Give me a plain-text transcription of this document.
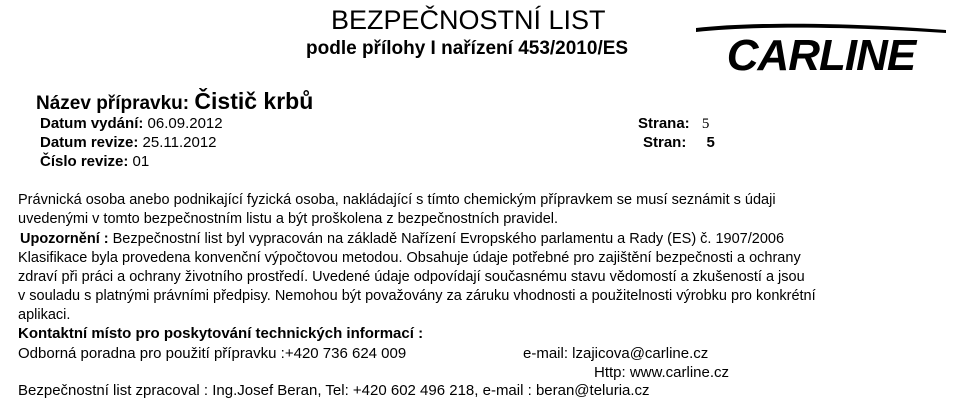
BEZPEČNOSTNÍ LIST
podle přílohy I nařízení 453/2010/ES CARLINE
Název přípravku: Čistič krbů
Datum vydání: 06.09.2012
Datum revize: 25.11.2012
Číslo revize: 01
Strana: 5
Stran: 5
Právnická osoba anebo podnikající fyzická osoba, nakládající s tímto chemickým přípravkem se musí seznámit s údaji
uvedenými v tomto bezpečnostním listu a být proškolena z bezpečnostních pravidel.
Upozornění : Bezpečnostní list byl vypracován na základě Nařízení Evropského parlamentu a Rady (ES) č. 1907/2006
Klasifikace byla provedena konvenční výpočtovou metodou. Obsahuje údaje potřebné pro zajištění bezpečnosti a ochrany
zdraví při práci a ochrany životního prostředí. Uvedené údaje odpovídají současnému stavu vědomostí a zkušeností a jsou
v souladu s platnými právními předpisy. Nemohou být považovány za záruku vhodnosti a použitelnosti výrobku pro konkrétní
aplikaci.
Kontaktní místo pro poskytování technických informací :
Odborná poradna pro použití přípravku :+420 736 624 009	e-mail: lzajicova@carline.cz
Http: www.carline.cz
Bezpečnostní list zpracoval : Ing.Josef Beran, Tel: +420 602 496 218, e-mail : beran@teluria.cz
